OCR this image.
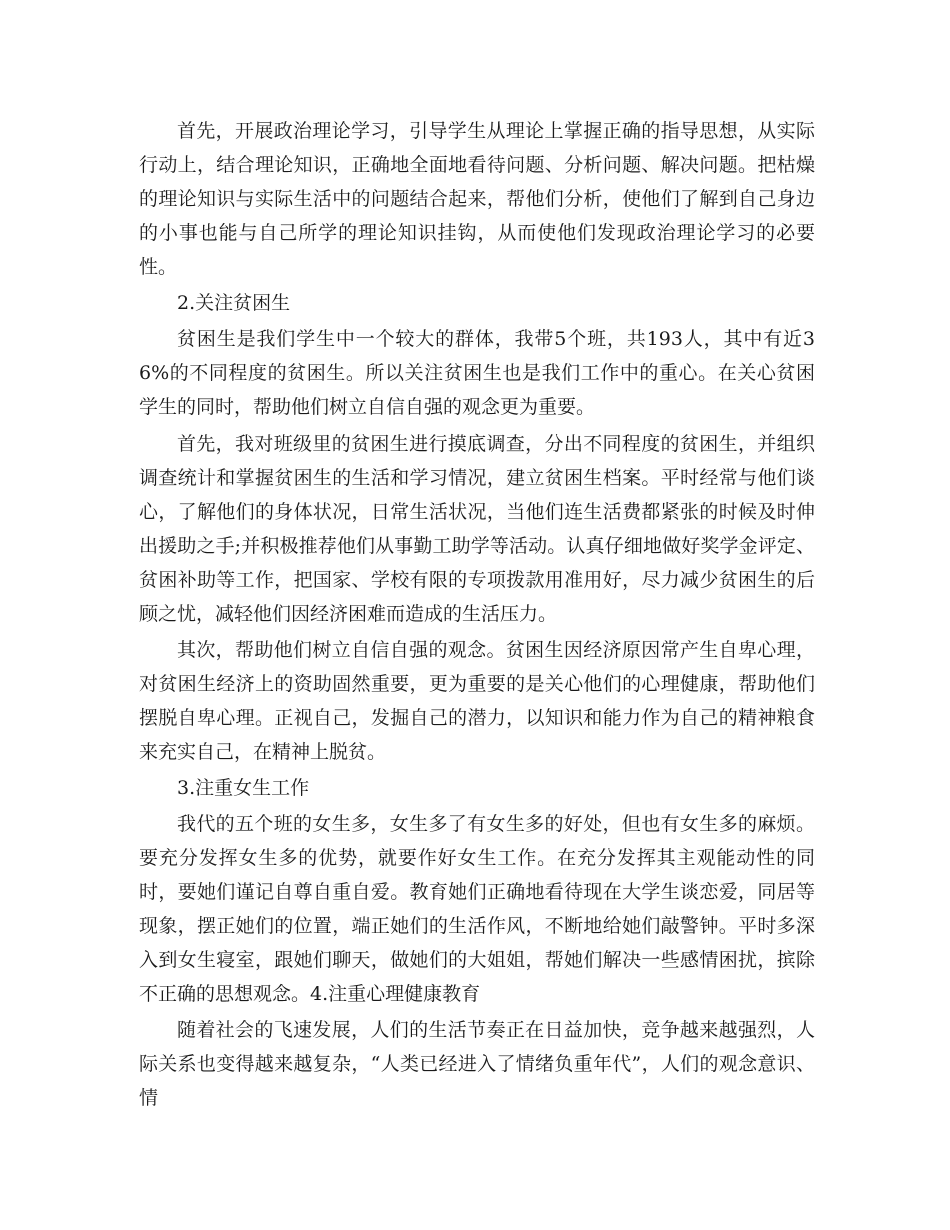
首先，开展政治理论学习，引导学生从理论上掌握正确的指导思想，从实际行动上，结合理论知识，正确地全面地看待问题、分析问题、解决问题。把枯燥的理论知识与实际生活中的问题结合起来，帮他们分析，使他们了解到自己身边的小事也能与自己所学的理论知识挂钩，从而使他们发现政治理论学习的必要性。

2.关注贫困生

贫困生是我们学生中一个较大的群体，我带5个班，共193人，其中有近36%的不同程度的贫困生。所以关注贫困生也是我们工作中的重心。在关心贫困学生的同时，帮助他们树立自信自强的观念更为重要。

首先，我对班级里的贫困生进行摸底调查，分出不同程度的贫困生，并组织调查统计和掌握贫困生的生活和学习情况，建立贫困生档案。平时经常与他们谈心，了解他们的身体状况，日常生活状况，当他们连生活费都紧张的时候及时伸出援助之手;并积极推荐他们从事勤工助学等活动。认真仔细地做好奖学金评定、贫困补助等工作，把国家、学校有限的专项拨款用准用好，尽力减少贫困生的后顾之忧，减轻他们因经济困难而造成的生活压力。

其次，帮助他们树立自信自强的观念。贫困生因经济原因常产生自卑心理，对贫困生经济上的资助固然重要，更为重要的是关心他们的心理健康，帮助他们摆脱自卑心理。正视自己，发掘自己的潜力，以知识和能力作为自己的精神粮食来充实自己，在精神上脱贫。

3.注重女生工作

我代的五个班的女生多，女生多了有女生多的好处，但也有女生多的麻烦。要充分发挥女生多的优势，就要作好女生工作。在充分发挥其主观能动性的同时，要她们谨记自尊自重自爱。教育她们正确地看待现在大学生谈恋爱，同居等现象，摆正她们的位置，端正她们的生活作风，不断地给她们敲警钟。平时多深入到女生寝室，跟她们聊天，做她们的大姐姐，帮她们解决一些感情困扰，摈除不正确的思想观念。4.注重心理健康教育

随着社会的飞速发展，人们的生活节奏正在日益加快，竞争越来越强烈，人际关系也变得越来越复杂，“人类已经进入了情绪负重年代”，人们的观念意识、情
